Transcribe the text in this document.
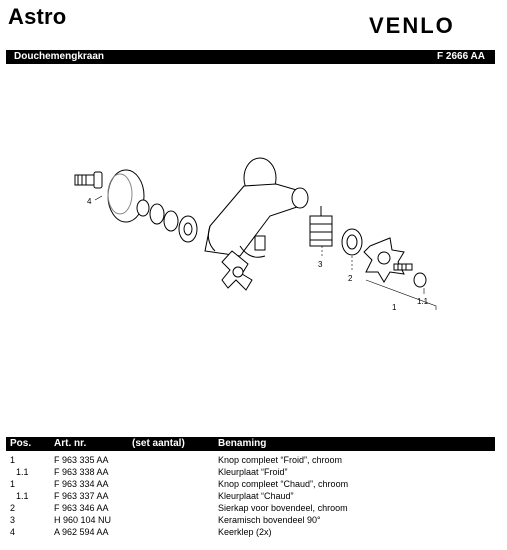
Astro	VENLO
Douchemengkraan	F 2666 AA
4
3
2
1
1.1
Pos. Art. nr.	(set aantal)	Benaming
1	F 963 335 AA	Knop compleet “Froid”, chroom
1.1	F 963 338 AA	Kleurplaat “Froid”
1	F 963 334 AA	Knop compleet “Chaud”, chroom
1.1	F 963 337 AA	Kleurplaat “Chaud”
2	F 963 346 AA	Sierkap voor bovendeel, chroom
3	H 960 104 NU	Keramisch bovendeel 90°
4	A 962 594 AA	Keerklep (2x)
